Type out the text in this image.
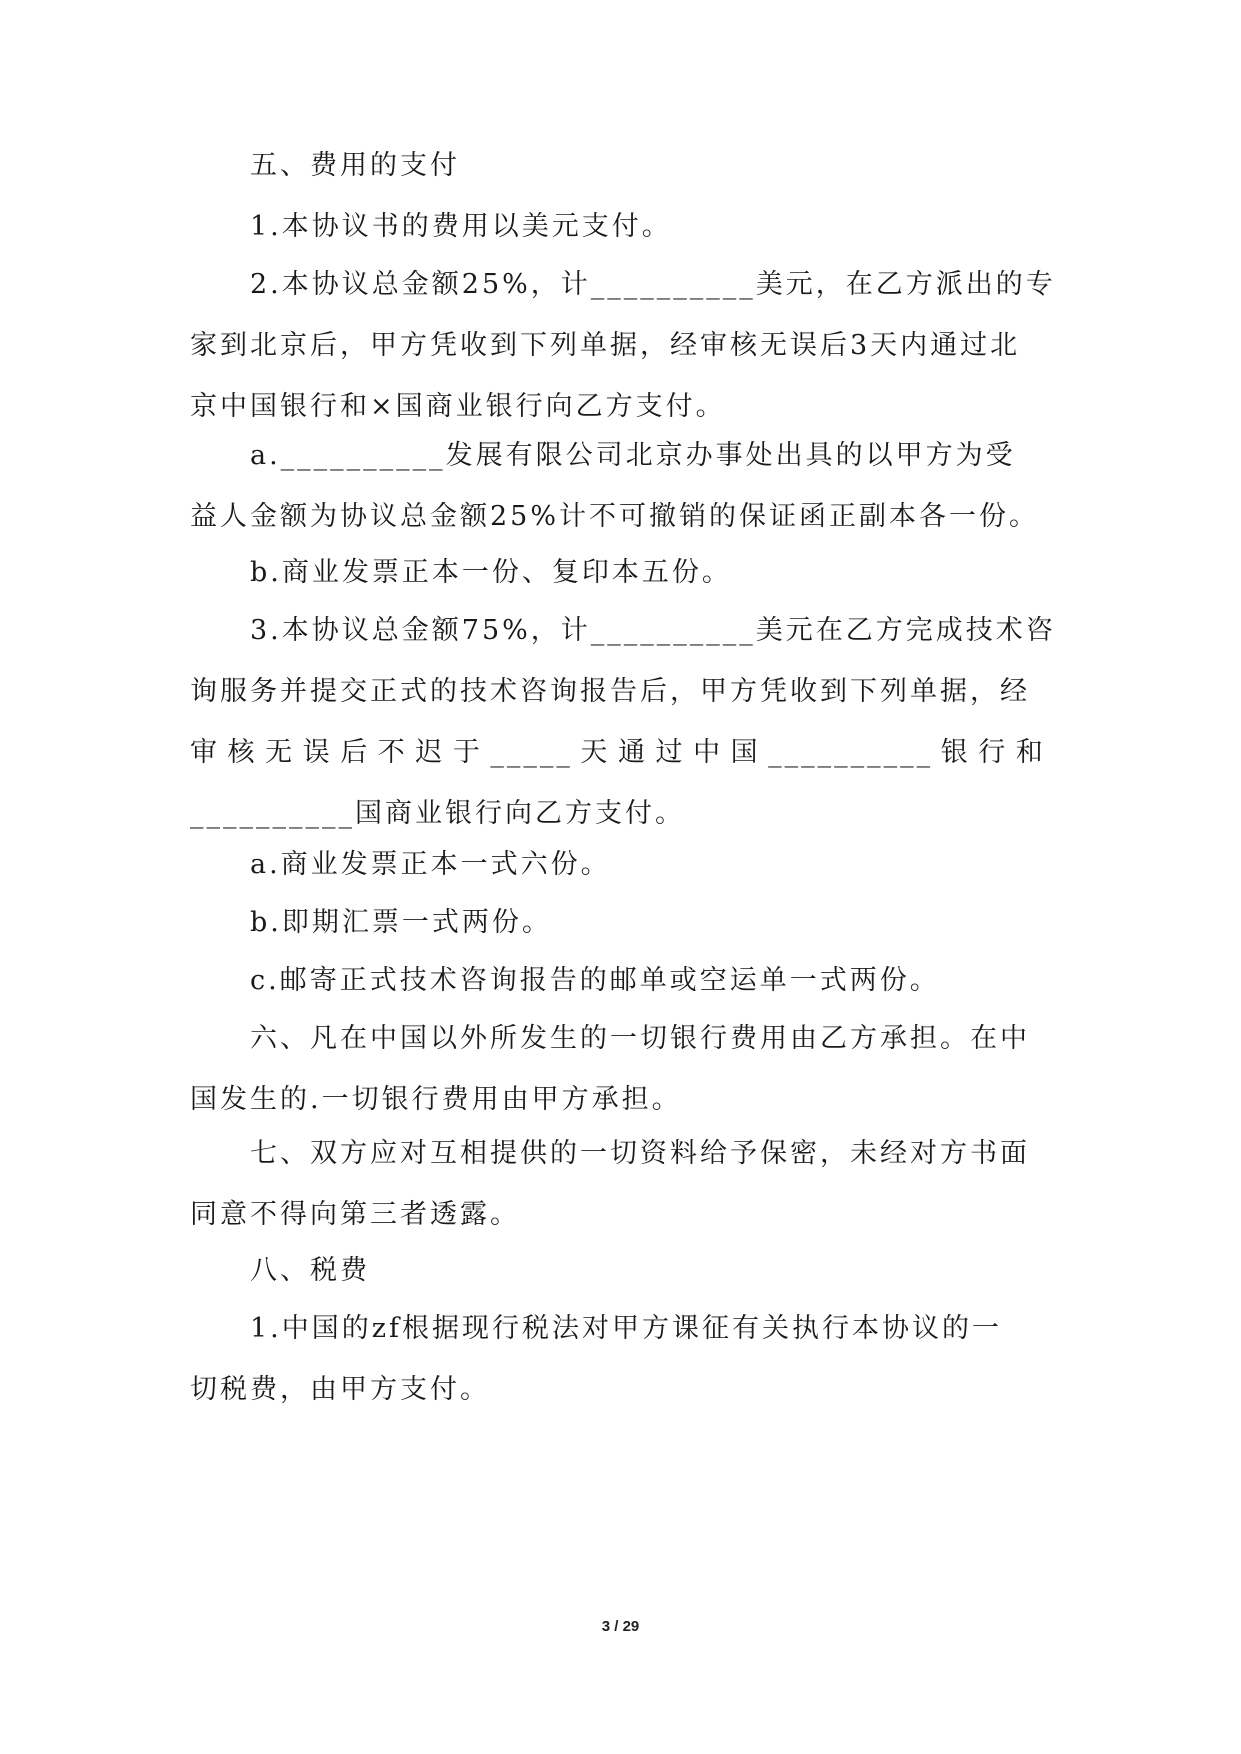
五、费用的支付
1.本协议书的费用以美元支付。
2.本协议总金额25%，计__________美元，在乙方派出的专
家到北京后，甲方凭收到下列单据，经审核无误后3天内通过北
京中国银行和×国商业银行向乙方支付。
a.__________发展有限公司北京办事处出具的以甲方为受
益人金额为协议总金额25%计不可撤销的保证函正副本各一份。
b.商业发票正本一份、复印本五份。
3.本协议总金额75%，计__________美元在乙方完成技术咨
询服务并提交正式的技术咨询报告后，甲方凭收到下列单据，经
审 核 无 误 后 不 迟 于 _____ 天 通 过 中 国 __________ 银 行 和
__________国商业银行向乙方支付。
a.商业发票正本一式六份。
b.即期汇票一式两份。
c.邮寄正式技术咨询报告的邮单或空运单一式两份。
六、凡在中国以外所发生的一切银行费用由乙方承担。在中
国发生的.一切银行费用由甲方承担。
七、双方应对互相提供的一切资料给予保密，未经对方书面
同意不得向第三者透露。
八、税费
1.中国的zf根据现行税法对甲方课征有关执行本协议的一
切税费，由甲方支付。
3 / 29
